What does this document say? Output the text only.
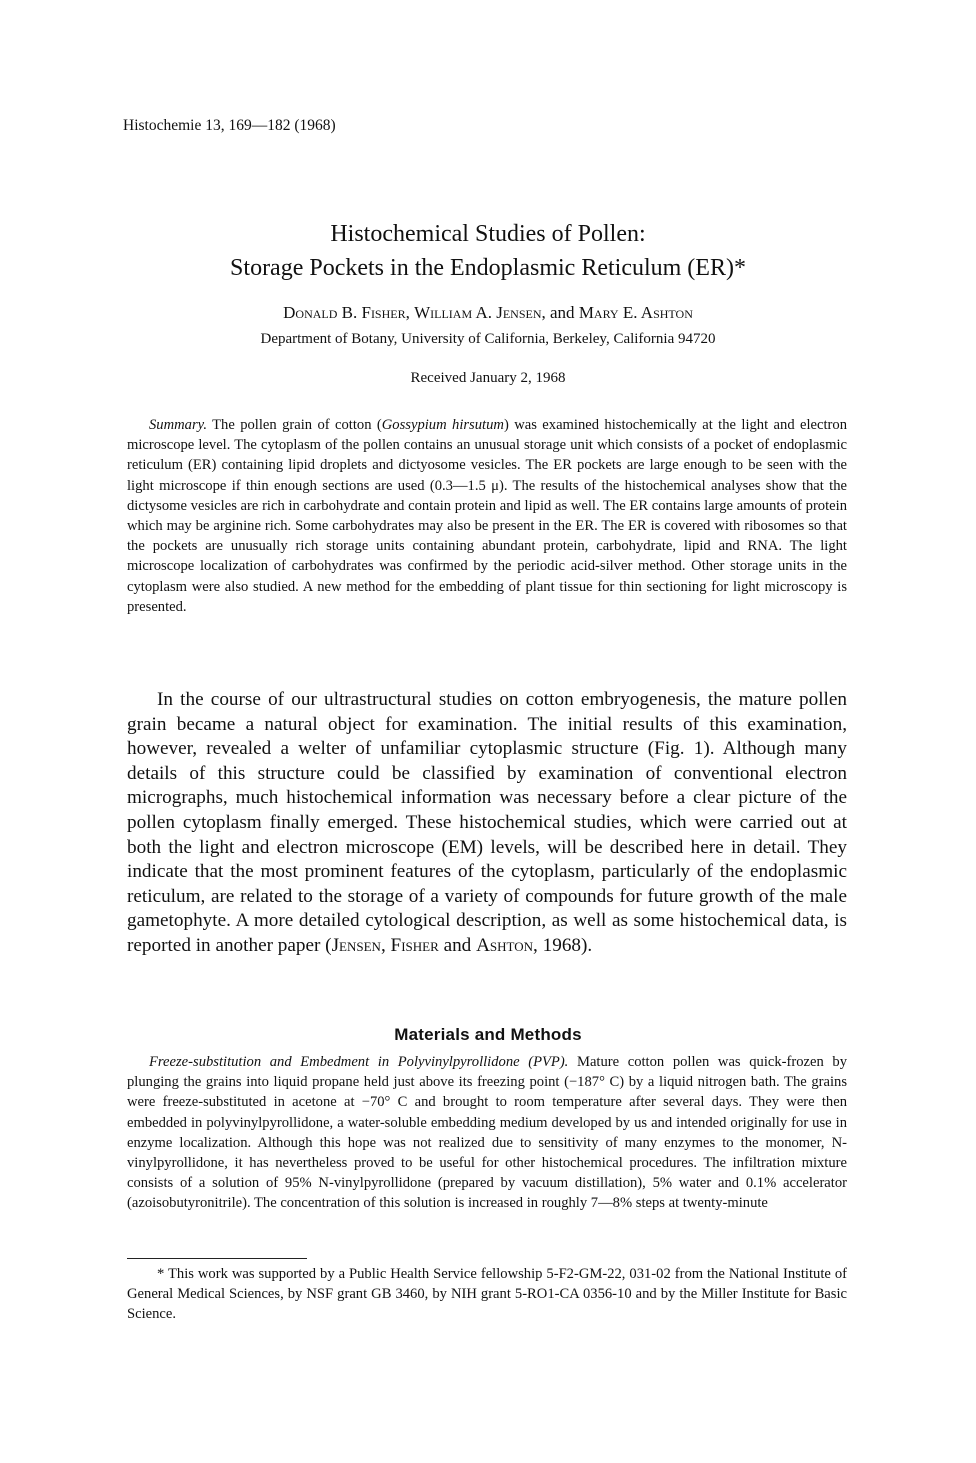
Histochemie 13, 169—182 (1968)
Histochemical Studies of Pollen:
Storage Pockets in the Endoplasmic Reticulum (ER)*
Donald B. Fisher, William A. Jensen, and Mary E. Ashton
Department of Botany, University of California, Berkeley, California 94720
Received January 2, 1968
Summary. The pollen grain of cotton (Gossypium hirsutum) was examined histochemically at the light and electron microscope level. The cytoplasm of the pollen contains an unusual storage unit which consists of a pocket of endoplasmic reticulum (ER) containing lipid droplets and dictyosome vesicles. The ER pockets are large enough to be seen with the light microscope if thin enough sections are used (0.3—1.5 μ). The results of the histochemical analyses show that the dictysome vesicles are rich in carbohydrate and contain protein and lipid as well. The ER contains large amounts of protein which may be arginine rich. Some carbohydrates may also be present in the ER. The ER is covered with ribosomes so that the pockets are unusually rich storage units containing abundant protein, carbohydrate, lipid and RNA. The light microscope localization of carbohydrates was confirmed by the periodic acid-silver method. Other storage units in the cytoplasm were also studied. A new method for the embedding of plant tissue for thin sectioning for light microscopy is presented.
In the course of our ultrastructural studies on cotton embryogenesis, the mature pollen grain became a natural object for examination. The initial results of this examination, however, revealed a welter of unfamiliar cytoplasmic structure (Fig. 1). Although many details of this structure could be classified by examination of conventional electron micrographs, much histochemical information was necessary before a clear picture of the pollen cytoplasm finally emerged. These histochemical studies, which were carried out at both the light and electron microscope (EM) levels, will be described here in detail. They indicate that the most prominent features of the cytoplasm, particularly of the endoplasmic reticulum, are related to the storage of a variety of compounds for future growth of the male gametophyte. A more detailed cytological description, as well as some histochemical data, is reported in another paper (Jensen, Fisher and Ashton, 1968).
Materials and Methods
Freeze-substitution and Embedment in Polyvinylpyrollidone (PVP). Mature cotton pollen was quick-frozen by plunging the grains into liquid propane held just above its freezing point (−187° C) by a liquid nitrogen bath. The grains were freeze-substituted in acetone at −70° C and brought to room temperature after several days. They were then embedded in polyvinylpyrollidone, a water-soluble embedding medium developed by us and intended originally for use in enzyme localization. Although this hope was not realized due to sensitivity of many enzymes to the monomer, N-vinylpyrollidone, it has nevertheless proved to be useful for other histochemical procedures. The infiltration mixture consists of a solution of 95% N-vinylpyrollidone (prepared by vacuum distillation), 5% water and 0.1% accelerator (azoisobutyronitrile). The concentration of this solution is increased in roughly 7—8% steps at twenty-minute
* This work was supported by a Public Health Service fellowship 5-F2-GM-22, 031-02 from the National Institute of General Medical Sciences, by NSF grant GB 3460, by NIH grant 5-RO1-CA 0356-10 and by the Miller Institute for Basic Science.
